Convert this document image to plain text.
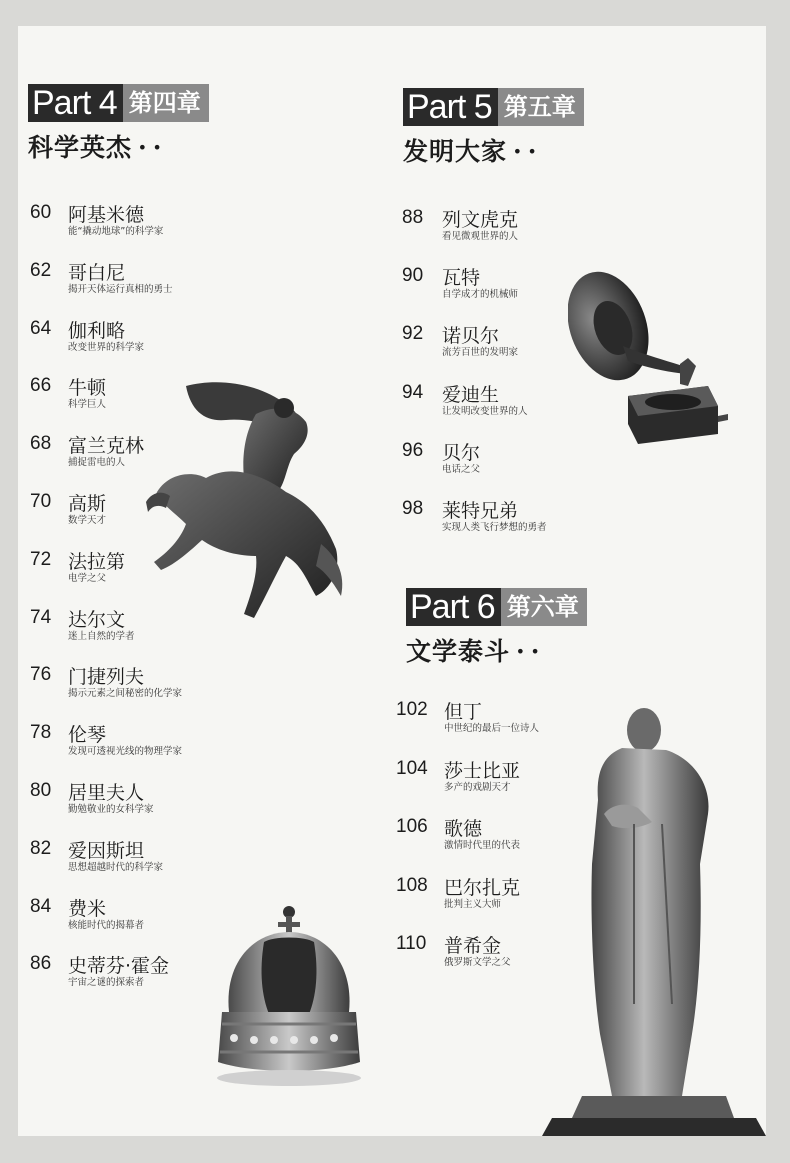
Part 4 第四章
科学英杰 ··
Part 5 第五章
发明大家 ··
Part 6 第六章
文学泰斗 ··
60 阿基米德
能“撬动地球”的科学家
62 哥白尼
揭开天体运行真相的勇士
64 伽利略
改变世界的科学家
66 牛顿
科学巨人
68 富兰克林
捕捉雷电的人
70 高斯
数学天才
72 法拉第
电学之父
74 达尔文
迷上自然的学者
76 门捷列夫
揭示元素之间秘密的化学家
78 伦琴
发现可透视光线的物理学家
80 居里夫人
勤勉敬业的女科学家
82 爱因斯坦
思想超越时代的科学家
84 费米
核能时代的揭幕者
86 史蒂芬·霍金
宇宙之谜的探索者
88 列文虎克
看见微观世界的人
90 瓦特
自学成才的机械师
92 诺贝尔
流芳百世的发明家
94 爱迪生
让发明改变世界的人
96 贝尔
电话之父
98 莱特兄弟
实现人类飞行梦想的勇者
102 但丁
中世纪的最后一位诗人
104 莎士比亚
多产的戏剧天才
106 歌德
激情时代里的代表
108 巴尔扎克
批判主义大师
110 普希金
俄罗斯文学之父
